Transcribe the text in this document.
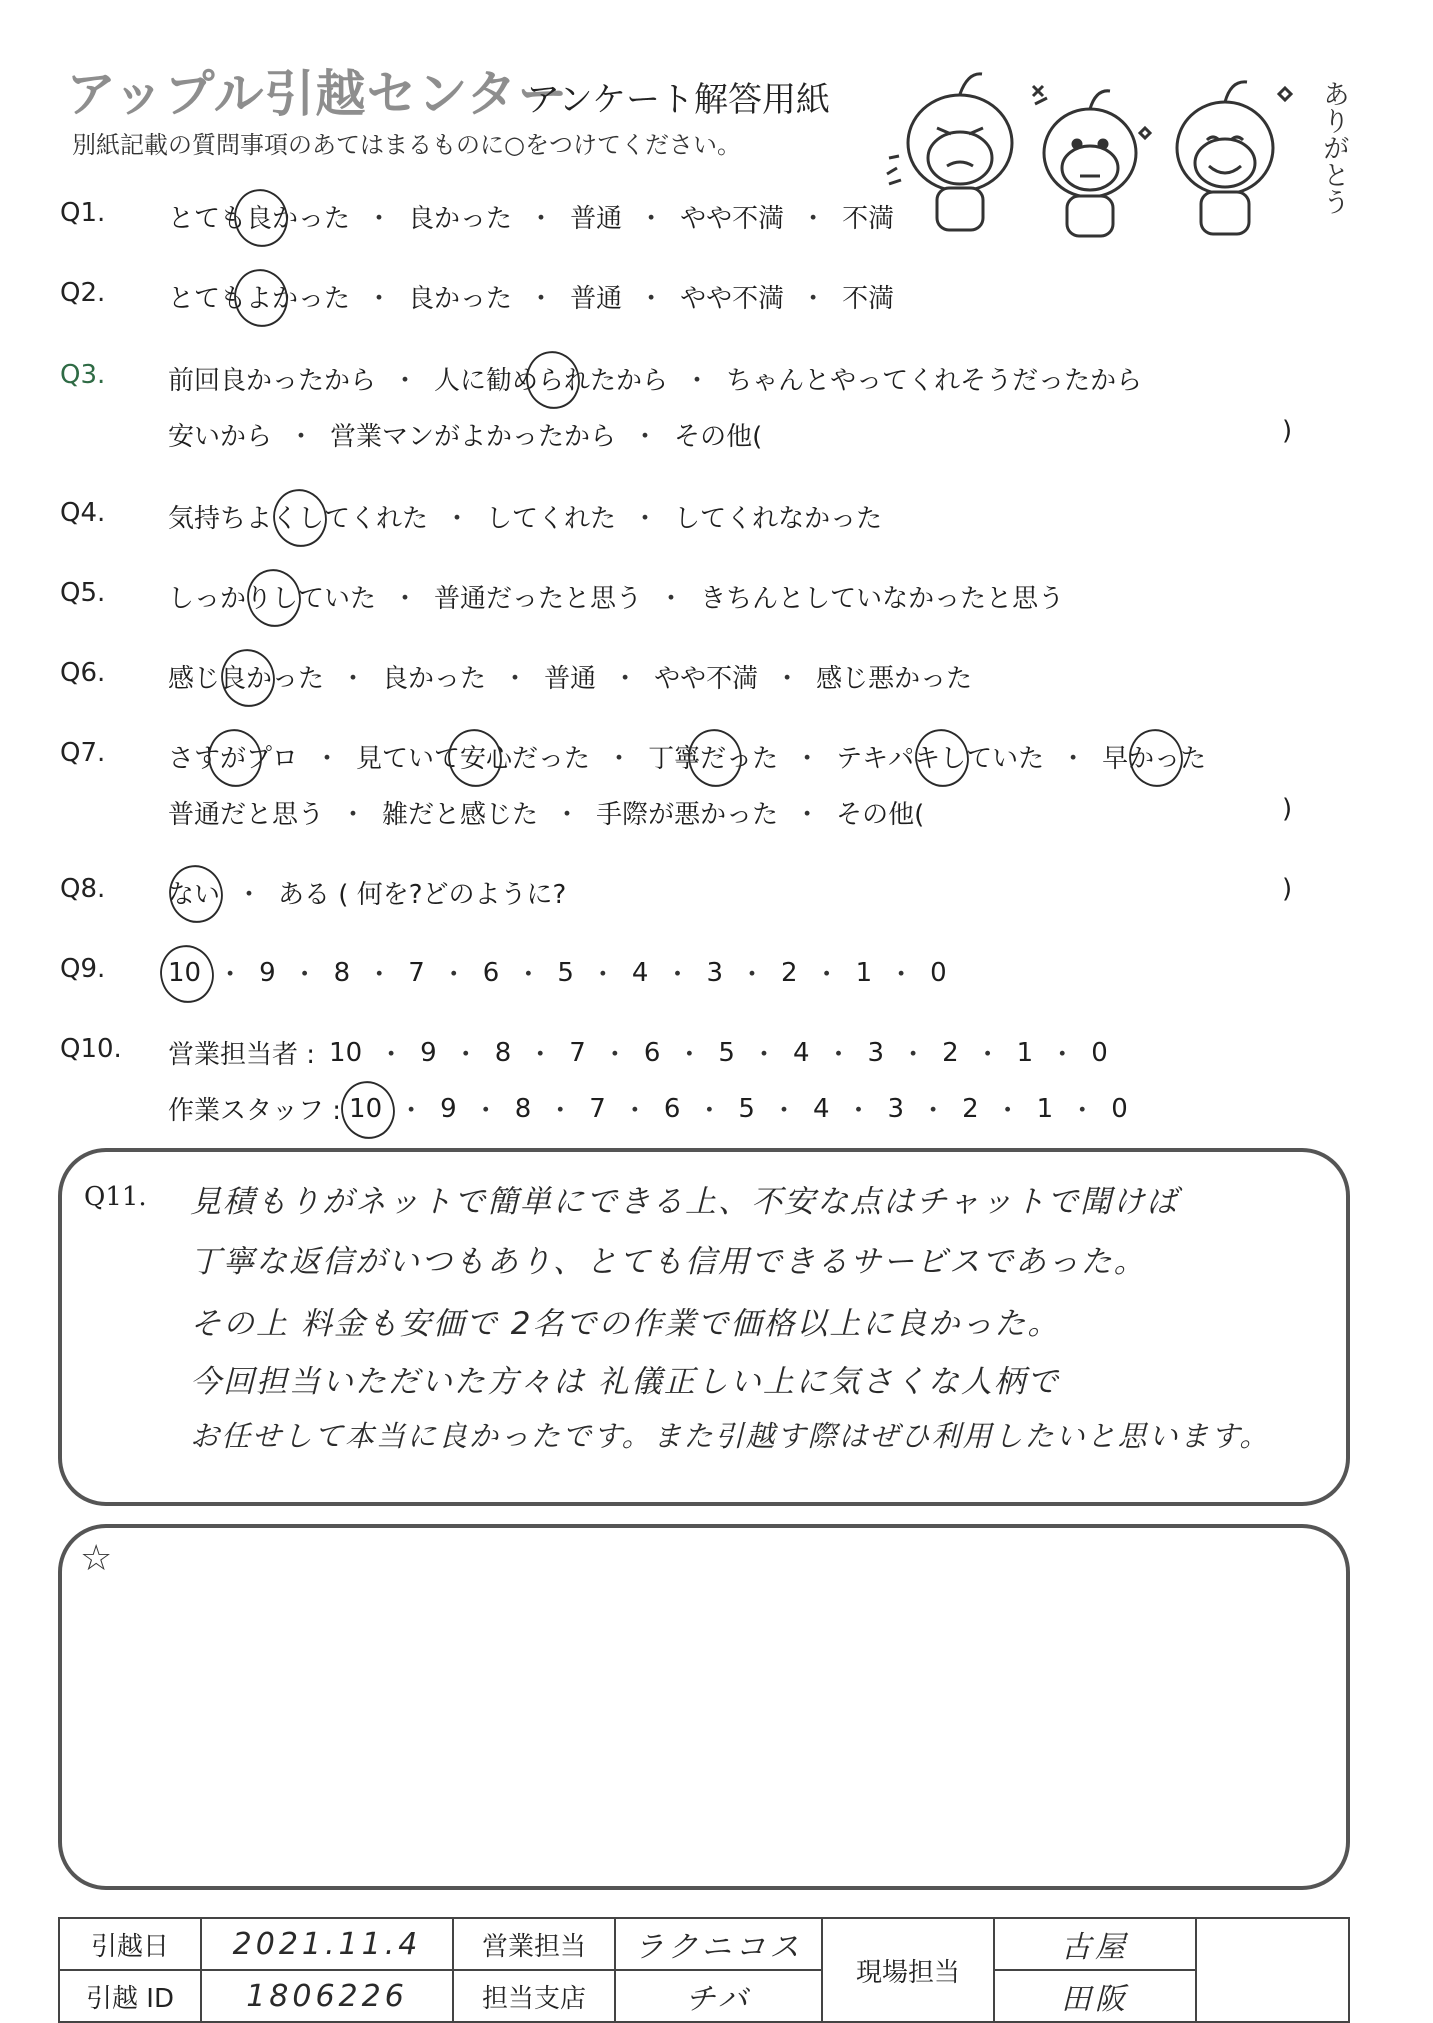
アップル引越センター
アンケート解答用紙
別紙記載の質問事項のあてはまるものに○をつけてください。	ありがとう
Q1. とても良かった ・ 良かった ・ 普通 ・ やや不満 ・ 不満
Q2. とてもよかった ・ 良かった ・ 普通 ・ やや不満 ・ 不満
Q3. 前回良かったから ・ 人に勧められたから ・ ちゃんとやってくれそうだったから
安いから ・ 営業マンがよかったから ・ その他(	)
Q4. 気持ちよくしてくれた ・ してくれた ・ してくれなかった
Q5. しっかりしていた ・ 普通だったと思う ・ きちんとしていなかったと思う
Q6. 感じ良かった ・ 良かった ・ 普通 ・ やや不満 ・ 感じ悪かった
Q7. さすがプロ ・ 見ていて安心だった ・ 丁寧だった ・ テキパキしていた ・ 早かった
普通だと思う ・ 雑だと感じた ・ 手際が悪かった ・ その他(	)
Q8. ない ・ ある ( 何を?どのように?	)
Q9. 10 ・ 9 ・ 8 ・ 7 ・ 6 ・ 5 ・ 4 ・ 3 ・ 2 ・ 1 ・ 0
Q10. 営業担当者 : 10 ・ 9 ・ 8 ・ 7 ・ 6 ・ 5 ・ 4 ・ 3 ・ 2 ・ 1 ・ 0
作業スタッフ : 10 ・ 9 ・ 8 ・ 7 ・ 6 ・ 5 ・ 4 ・ 3 ・ 2 ・ 1 ・ 0
Q11. 見積もりがネットで簡単にできる上、不安な点はチャットで聞けば
丁寧な返信がいつもあり、とても信用できるサービスであった。
その上 料金も安価で 2名での作業で価格以上に良かった。
今回担当いただいた方々は 礼儀正しい上に気さくな人柄で
お任せして本当に良かったです。また引越す際はぜひ利用したいと思います。
☆
引越日	2021.11.4	営業担当	ラクニコス	現場担当	古屋	
引越 ID	1806226	担当支店	チバ		田阪	
